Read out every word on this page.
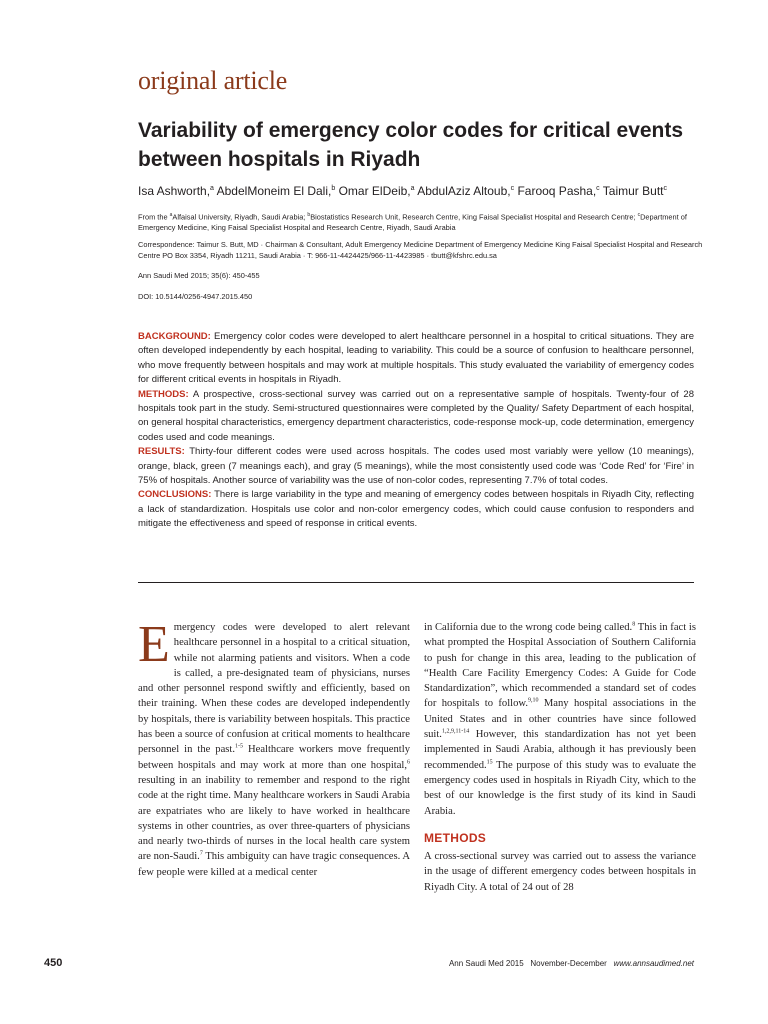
original article
Variability of emergency color codes for critical events between hospitals in Riyadh

Isa Ashworth,$^a$ AbdelMoneim El Dali,$^b$ Omar ElDeib,$^a$ AbdulAziz Altoub,$^c$ Farooq Pasha,$^c$ Taimur Butt$^c$

From the $^a$Alfaisal University, Riyadh, Saudi Arabia; $^b$Biostatistics Research Unit, Research Centre, King Faisal Specialist Hospital and Research Centre; $^c$Department of Emergency Medicine, King Faisal Specialist Hospital and Research Centre, Riyadh, Saudi Arabia

Correspondence: Taimur S. Butt, MD · Chairman & Consultant, Adult Emergency Medicine Department of Emergency Medicine King Faisal Specialist Hospital and Research Centre PO Box 3354, Riyadh 11211, Saudi Arabia · T: 966-11-4424425/966-11-4423985 · tbutt@kfshrc.edu.sa

Ann Saudi Med 2015; 35(6): 450-455

DOI: 10.5144/0256-4947.2015.450

BACKGROUND: Emergency color codes were developed to alert healthcare personnel in a hospital to critical situations. They are often developed independently by each hospital, leading to variability. This could be a source of confusion to healthcare personnel, who move frequently between hospitals and may work at multiple hospitals. This study evaluated the variability of emergency codes for different critical events in hospitals in Riyadh.

METHODS: A prospective, cross-sectional survey was carried out on a representative sample of hospitals. Twenty-four of 28 hospitals took part in the study. Semi-structured questionnaires were completed by the Quality/ Safety Department of each hospital, on general hospital characteristics, emergency department characteristics, code-response mock-up, code determination, emergency codes used and code meanings.

RESULTS: Thirty-four different codes were used across hospitals. The codes used most variably were yellow (10 meanings), orange, black, green (7 meanings each), and gray (5 meanings), while the most consistently used code was ‘Code Red’ for ‘Fire’ in 75% of hospitals. Another source of variability was the use of non-color codes, representing 7.7% of total codes.

CONCLUSIONS: There is large variability in the type and meaning of emergency codes between hospitals in Riyadh City, reflecting a lack of standardization. Hospitals use color and non-color emergency codes, which could cause confusion to responders and mitigate the effectiveness and speed of response in critical events.

Emergency codes were developed to alert relevant healthcare personnel in a hospital to a critical situation, while not alarming patients and visitors. When a code is called, a pre-designated team of physicians, nurses and other personnel respond swiftly and efficiently, based on their training. When these codes are developed independently by hospitals, there is variability between hospitals. This practice has been a source of confusion at critical moments to healthcare personnel in the past.$^{1-5}$ Healthcare workers move frequently between hospitals and may work at more than one hospital,$^6$ resulting in an inability to remember and respond to the right code at the right time. Many healthcare workers in Saudi Arabia are expatriates who are likely to have worked in healthcare systems in other countries, as over three-quarters of physicians and nearly two-thirds of nurses in the local health care system are non-Saudi.$^7$ This ambiguity can have tragic consequences. A few people were killed at a medical center

in California due to the wrong code being called.$^8$ This in fact is what prompted the Hospital Association of Southern California to push for change in this area, leading to the publication of “Health Care Facility Emergency Codes: A Guide for Code Standardization”, which recommended a standard set of codes for hospitals to follow.$^{9,10}$ Many hospital associations in the United States and in other countries have since followed suit.$^{1,2,9,11-14}$ However, this standardization has not yet been implemented in Saudi Arabia, although it has previously been recommended.$^{15}$ The purpose of this study was to evaluate the emergency codes used in hospitals in Riyadh City, which to the best of our knowledge is the first study of its kind in Saudi Arabia.

METHODS

A cross-sectional survey was carried out to assess the variance in the usage of different emergency codes between hospitals in Riyadh City. A total of 24 out of 28

450	Ann Saudi Med 2015 November-December www.annsaudimed.net
